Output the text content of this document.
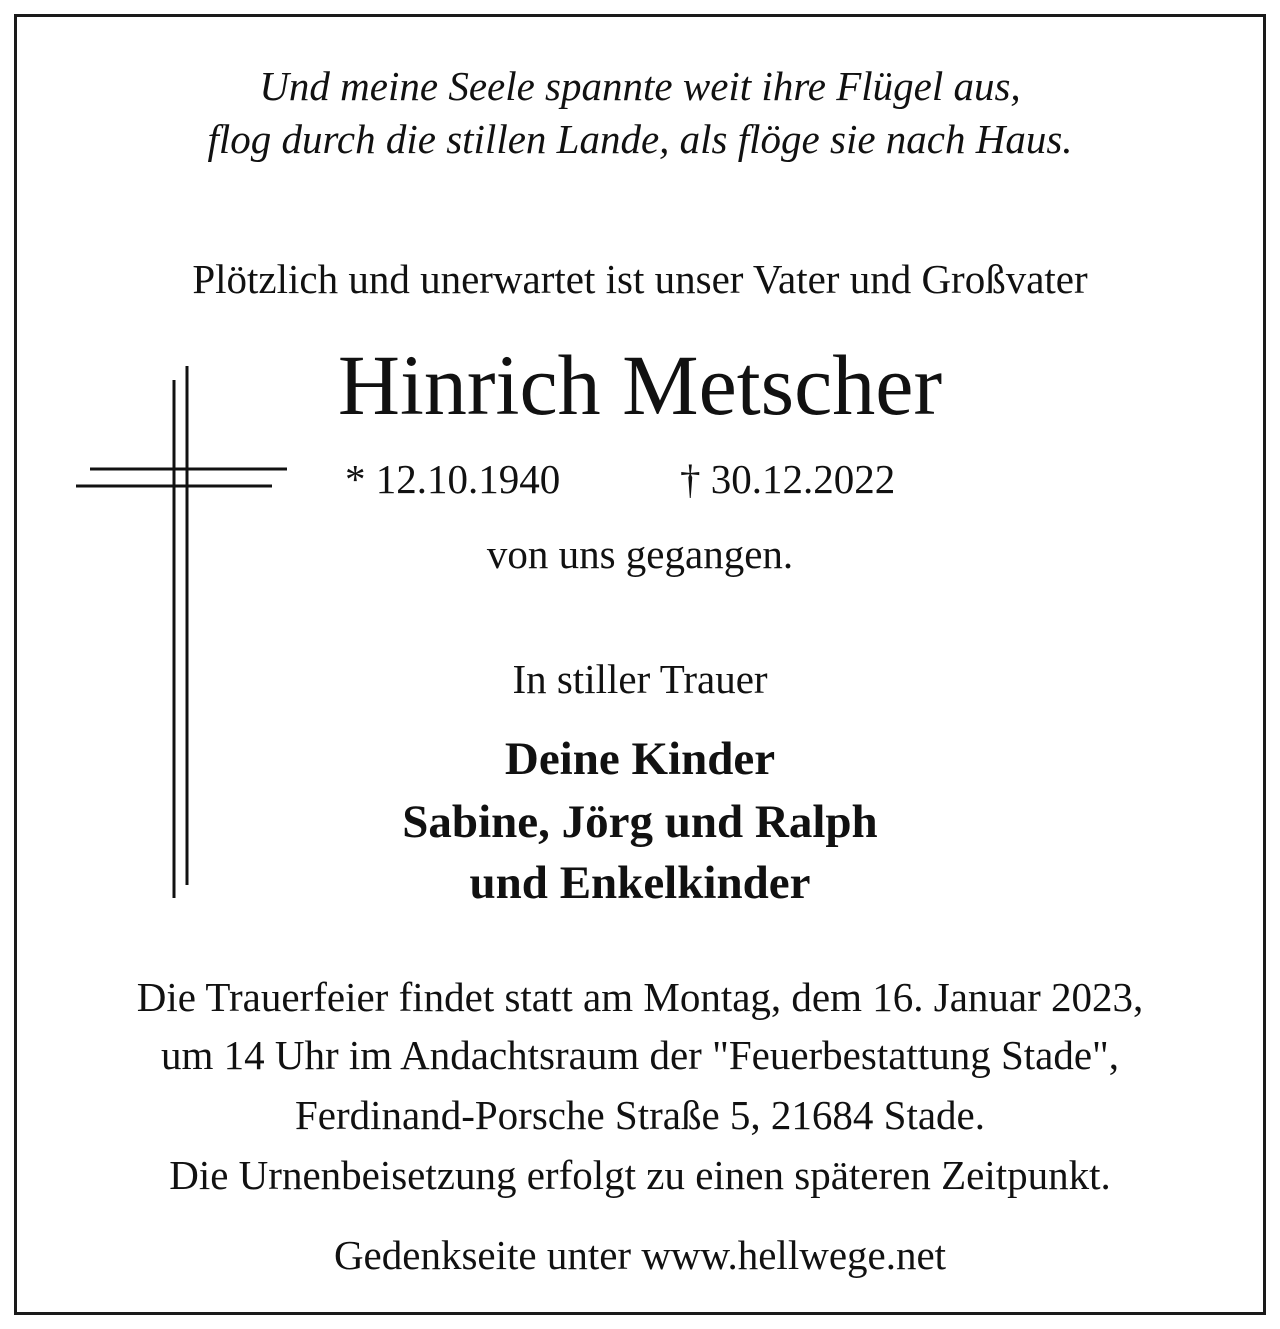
Und meine Seele spannte weit ihre Flügel aus,
flog durch die stillen Lande, als flöge sie nach Haus.
Plötzlich und unerwartet ist unser Vater und Großvater
Hinrich Metscher
* 12.10.1940	† 30.12.2022
von uns gegangen.
In stiller Trauer
Deine Kinder
Sabine, Jörg und Ralph
und Enkelkinder
Die Trauerfeier findet statt am Montag, dem 16. Januar 2023,
um 14 Uhr im Andachtsraum der "Feuerbestattung Stade",
Ferdinand-Porsche Straße 5, 21684 Stade.
Die Urnenbeisetzung erfolgt zu einen späteren Zeitpunkt.
Gedenkseite unter www.hellwege.net
